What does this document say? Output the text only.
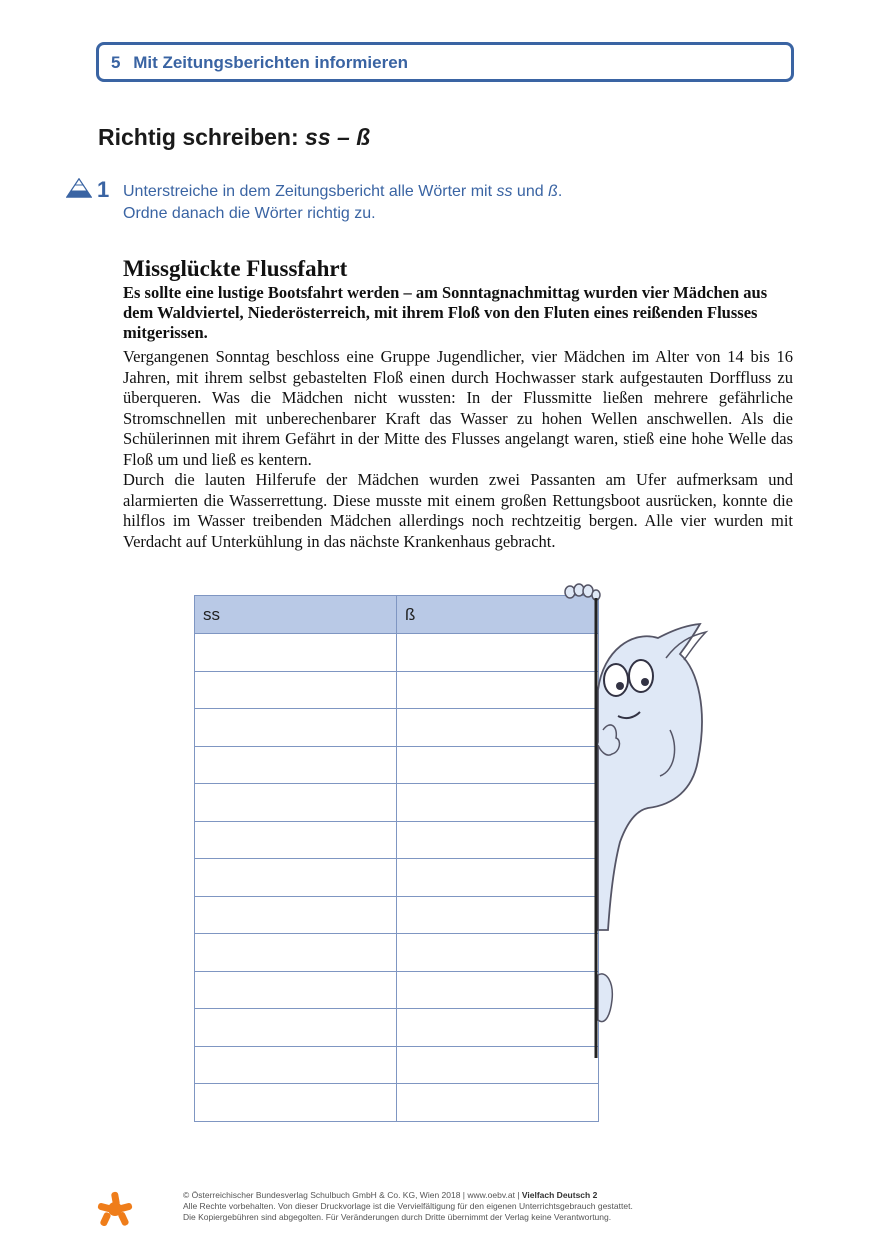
5 Mit Zeitungsberichten informieren
Richtig schreiben: ss – ß
1 Unterstreiche in dem Zeitungsbericht alle Wörter mit ss und ß.
Ordne danach die Wörter richtig zu.
Missglückte Flussfahrt

Es sollte eine lustige Bootsfahrt werden – am Sonntagnachmittag wurden vier Mädchen aus dem Waldviertel, Niederösterreich, mit ihrem Floß von den Fluten eines reißenden Flusses mitgerissen.

Vergangenen Sonntag beschloss eine Gruppe Jugendlicher, vier Mädchen im Alter von 14 bis 16 Jahren, mit ihrem selbst gebastelten Floß einen durch Hochwasser stark aufgestauten Dorffluss zu überqueren. Was die Mädchen nicht wussten: In der Flussmitte ließen mehrere gefährliche Stromschnellen mit unberechenbarer Kraft das Wasser zu hohen Wellen anschwellen. Als die Schülerinnen mit ihrem Gefährt in der Mitte des Flusses angelangt waren, stieß eine hohe Welle das Floß um und ließ es kentern.

Durch die lauten Hilferufe der Mädchen wurden zwei Passanten am Ufer aufmerksam und alarmierten die Wasserrettung. Diese musste mit einem großen Rettungsboot ausrücken, konnte die hilflos im Wasser treibenden Mädchen allerdings noch rechtzeitig bergen. Alle vier wurden mit Verdacht auf Unterkühlung in das nächste Krankenhaus gebracht.

ss	ß

© Österreichischer Bundesverlag Schulbuch GmbH & Co. KG, Wien 2018 | www.oebv.at | Vielfach Deutsch 2
Alle Rechte vorbehalten. Von dieser Druckvorlage ist die Vervielfältigung für den eigenen Unterrichtsgebrauch gestattet.
Die Kopiergebühren sind abgegolten. Für Veränderungen durch Dritte übernimmt der Verlag keine Verantwortung.
